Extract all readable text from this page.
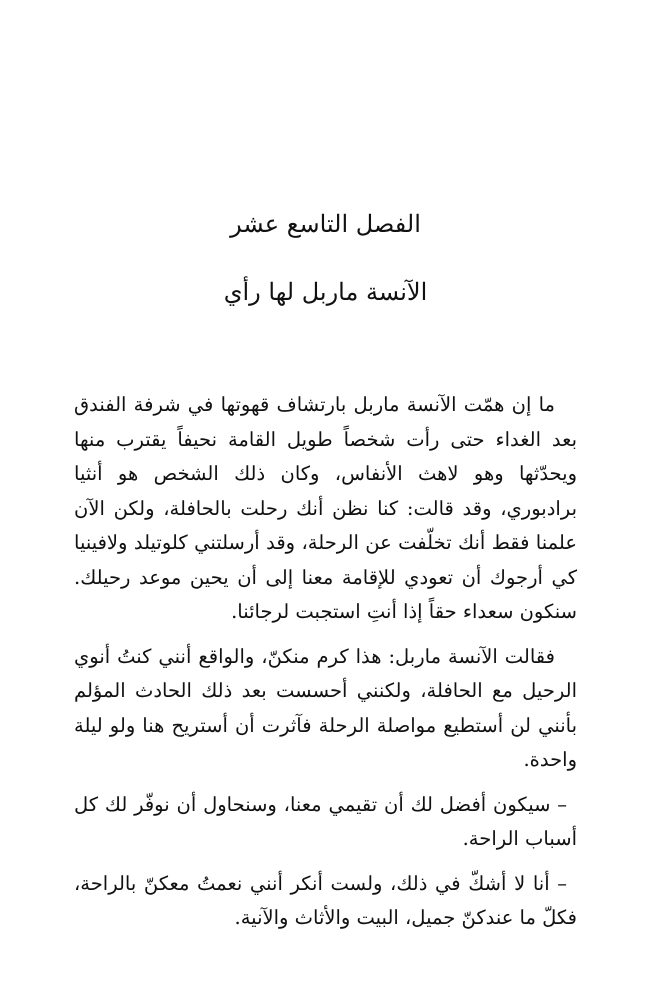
الفصل التاسع عشر
الآنسة ماربل لها رأي

ما إن همّت الآنسة ماربل بارتشاف قهوتها في شرفة الفندق بعد الغداء حتى رأت شخصاً طويل القامة نحيفاً يقترب منها ويحدّثها وهو لاهث الأنفاس، وكان ذلك الشخص هو أنثيا برادبوري، وقد قالت: كنا نظن أنك رحلت بالحافلة، ولكن الآن علمنا فقط أنك تخلّفت عن الرحلة، وقد أرسلتني كلوتيلد ولافينيا كي أرجوك أن تعودي للإقامة معنا إلى أن يحين موعد رحيلك. سنكون سعداء حقاً إذا أنتِ استجبت لرجائنا.

فقالت الآنسة ماربل: هذا كرم منكنّ، والواقع أنني كنتُ أنوي الرحيل مع الحافلة، ولكنني أحسست بعد ذلك الحادث المؤلم بأنني لن أستطيع مواصلة الرحلة فآثرت أن أستريح هنا ولو ليلة واحدة.

– سيكون أفضل لك أن تقيمي معنا، وسنحاول أن نوفّر لك كل أسباب الراحة.

– أنا لا أشكّ في ذلك، ولست أنكر أنني نعمتُ معكنّ بالراحة، فكلّ ما عندكنّ جميل، البيت والأثاث والآنية.
